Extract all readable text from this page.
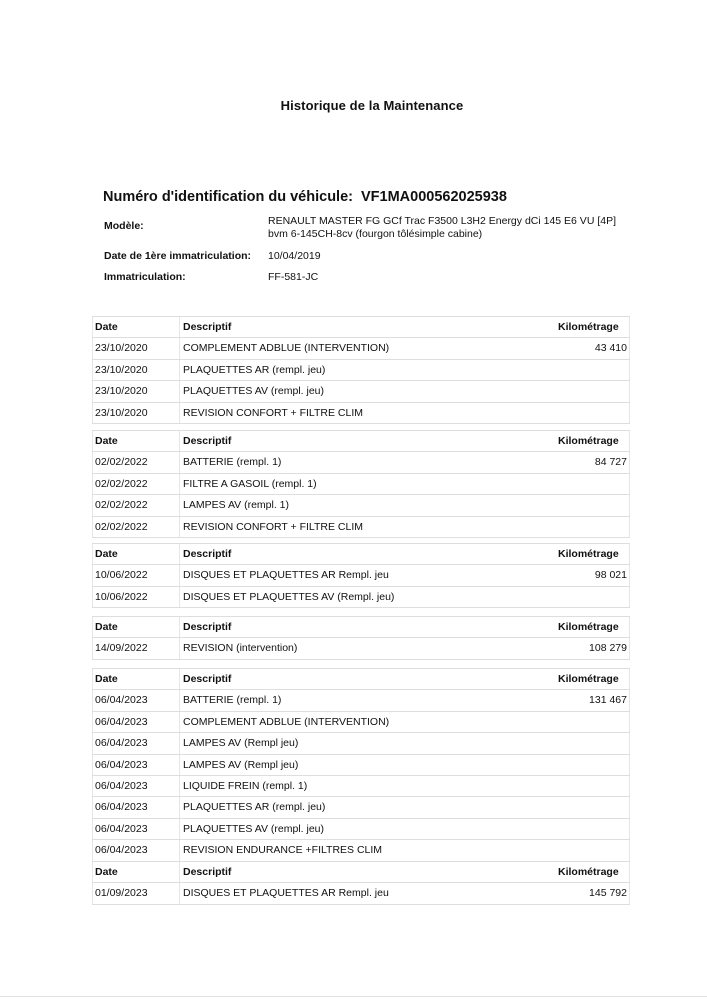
Historique de la Maintenance
Numéro d'identification du véhicule: VF1MA000562025938
Modèle:	RENAULT MASTER FG GCf Trac F3500 L3H2 Energy dCi 145 E6 VU [4P]
bvm 6-145CH-8cv (fourgon tôlésimple cabine)
Date de 1ère immatriculation: 10/04/2019
Immatriculation:	FF-581-JC
Date	Descriptif	Kilométrage
23/10/2020	COMPLEMENT ADBLUE (INTERVENTION)	43 410
23/10/2020	PLAQUETTES AR (rempl. jeu)
23/10/2020	PLAQUETTES AV (rempl. jeu)
23/10/2020	REVISION CONFORT + FILTRE CLIM
Date	Descriptif	Kilométrage
02/02/2022	BATTERIE (rempl. 1)	84 727
02/02/2022	FILTRE A GASOIL (rempl. 1)
02/02/2022	LAMPES AV (rempl. 1)
02/02/2022	REVISION CONFORT + FILTRE CLIM
Date	Descriptif	Kilométrage
10/06/2022	DISQUES ET PLAQUETTES AR Rempl. jeu	98 021
10/06/2022	DISQUES ET PLAQUETTES AV (Rempl. jeu)
Date	Descriptif	Kilométrage
14/09/2022	REVISION (intervention)	108 279
Date	Descriptif	Kilométrage
06/04/2023	BATTERIE (rempl. 1)	131 467
06/04/2023	COMPLEMENT ADBLUE (INTERVENTION)
06/04/2023	LAMPES AV (Rempl jeu)
06/04/2023	LAMPES AV (Rempl jeu)
06/04/2023	LIQUIDE FREIN (rempl. 1)
06/04/2023	PLAQUETTES AR (rempl. jeu)
06/04/2023	PLAQUETTES AV (rempl. jeu)
06/04/2023	REVISION ENDURANCE +FILTRES CLIM
Date	Descriptif	Kilométrage
01/09/2023	DISQUES ET PLAQUETTES AR Rempl. jeu	145 792
